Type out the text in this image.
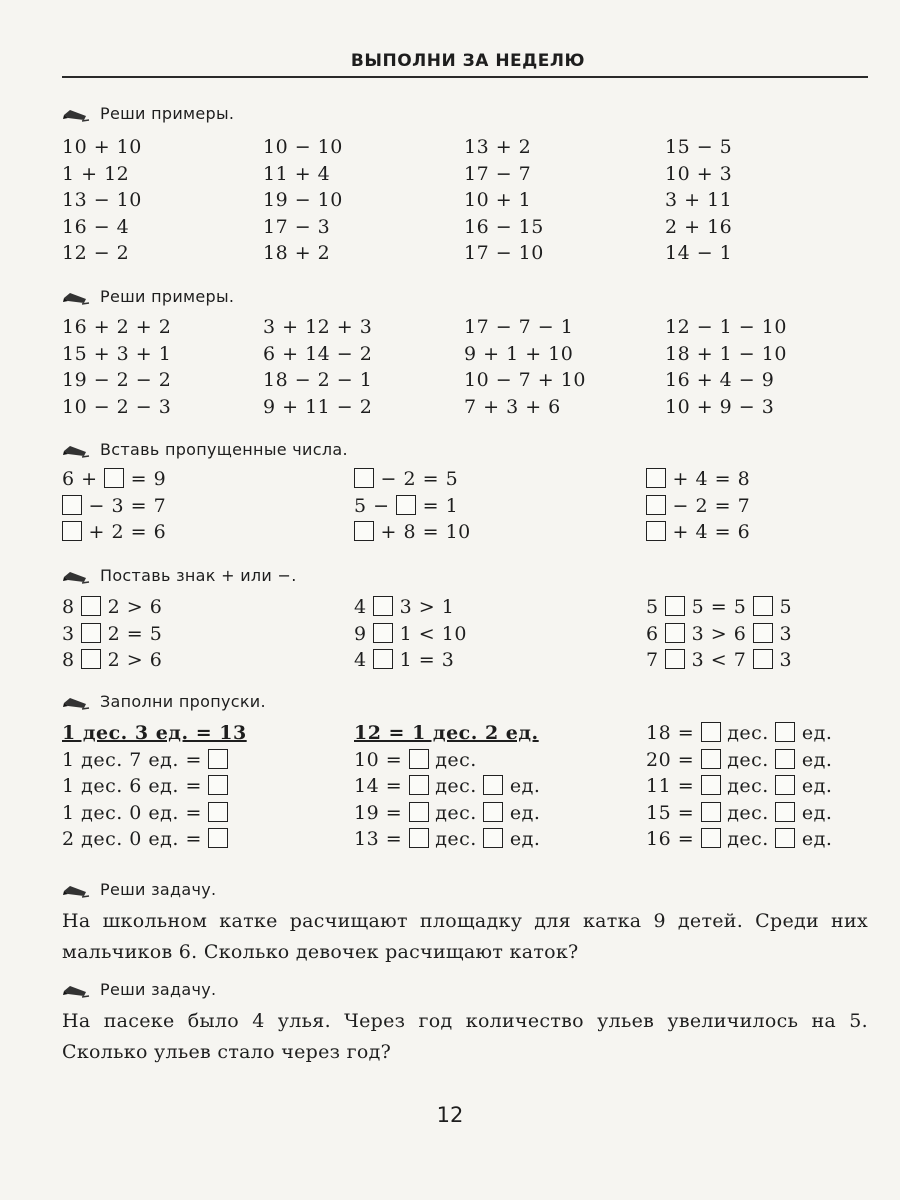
ВЫПОЛНИ ЗА НЕДЕЛЮ
Реши примеры.
10 + 10
1 + 12
13 − 10
16 − 4
12 − 2
10 − 10
11 + 4
19 − 10
17 − 3
18 + 2
13 + 2
17 − 7
10 + 1
16 − 15
17 − 10
15 − 5
10 + 3
3 + 11
2 + 16
14 − 1
Реши примеры.
16 + 2 + 2
15 + 3 + 1
19 − 2 − 2
10 − 2 − 3
3 + 12 + 3
6 + 14 − 2
18 − 2 − 1
9 + 11 − 2
17 − 7 − 1
9 + 1 + 10
10 − 7 + 10
7 + 3 + 6
12 − 1 − 10
18 + 1 − 10
16 + 4 − 9
10 + 9 − 3
Вставь пропущенные числа.
6 +  = 9
− 3 = 7
+ 2 = 6
− 2 = 5
5 −  = 1
+ 8 = 10
+ 4 = 8
− 2 = 7
+ 4 = 6
Поставь знак + или −.
8  2 > 6
3  2 = 5
8  2 > 6
4  3 > 1
9  1 < 10
4  1 = 3
5  5 = 5  5
6  3 > 6  3
7  3 < 7  3
Заполни пропуски.
1 дес. 3 ед. = 13
1 дес. 7 ед. =
1 дес. 6 ед. =
1 дес. 0 ед. =
2 дес. 0 ед. =
12 = 1 дес. 2 ед.
10 =  дес.
14 =  дес.  ед.
19 =  дес.  ед.
13 =  дес.  ед.
18 =  дес.  ед.
20 =  дес.  ед.
11 =  дес.  ед.
15 =  дес.  ед.
16 =  дес.  ед.
Реши задачу.
На школьном катке расчищают площадку для катка 9 детей. Среди них мальчиков 6. Сколько девочек расчищают каток?
Реши задачу.
На пасеке было 4 улья. Через год количество ульев увеличилось на 5. Сколько ульев стало через год?
12
